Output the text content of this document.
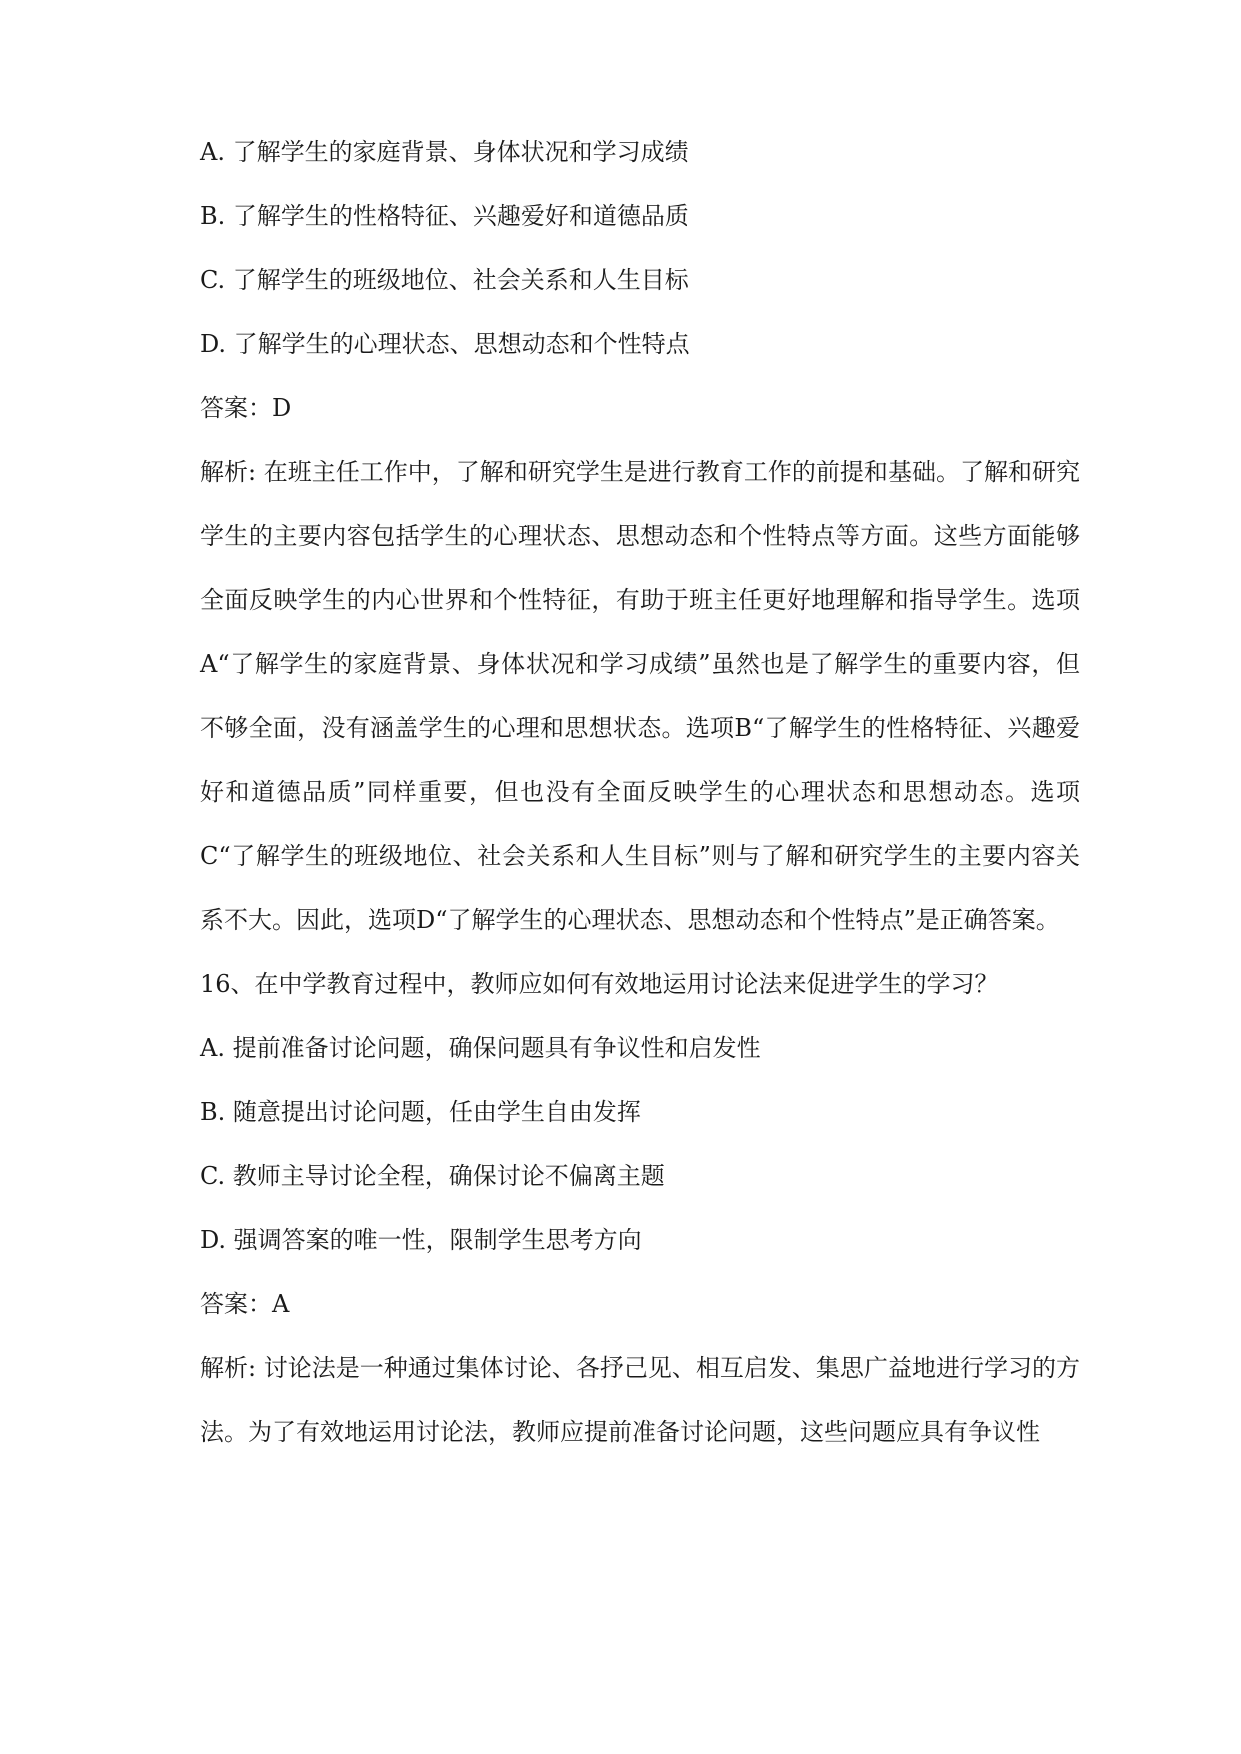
A. 了解学生的家庭背景、身体状况和学习成绩
B. 了解学生的性格特征、兴趣爱好和道德品质
C. 了解学生的班级地位、社会关系和人生目标
D. 了解学生的心理状态、思想动态和个性特点
答案：D
解析: 在班主任工作中，了解和研究学生是进行教育工作的前提和基础。了解和研究学生的主要内容包括学生的心理状态、思想动态和个性特点等方面。这些方面能够全面反映学生的内心世界和个性特征，有助于班主任更好地理解和指导学生。选项A“了解学生的家庭背景、身体状况和学习成绩”虽然也是了解学生的重要内容，但不够全面，没有涵盖学生的心理和思想状态。选项B“了解学生的性格特征、兴趣爱好和道德品质”同样重要，但也没有全面反映学生的心理状态和思想动态。选项C“了解学生的班级地位、社会关系和人生目标”则与了解和研究学生的主要内容关系不大。因此，选项D“了解学生的心理状态、思想动态和个性特点”是正确答案。
16、在中学教育过程中，教师应如何有效地运用讨论法来促进学生的学习？
A. 提前准备讨论问题，确保问题具有争议性和启发性
B. 随意提出讨论问题，任由学生自由发挥
C. 教师主导讨论全程，确保讨论不偏离主题
D. 强调答案的唯一性，限制学生思考方向
答案：A
解析: 讨论法是一种通过集体讨论、各抒己见、相互启发、集思广益地进行学习的方法。为了有效地运用讨论法，教师应提前准备讨论问题，这些问题应具有争议性
